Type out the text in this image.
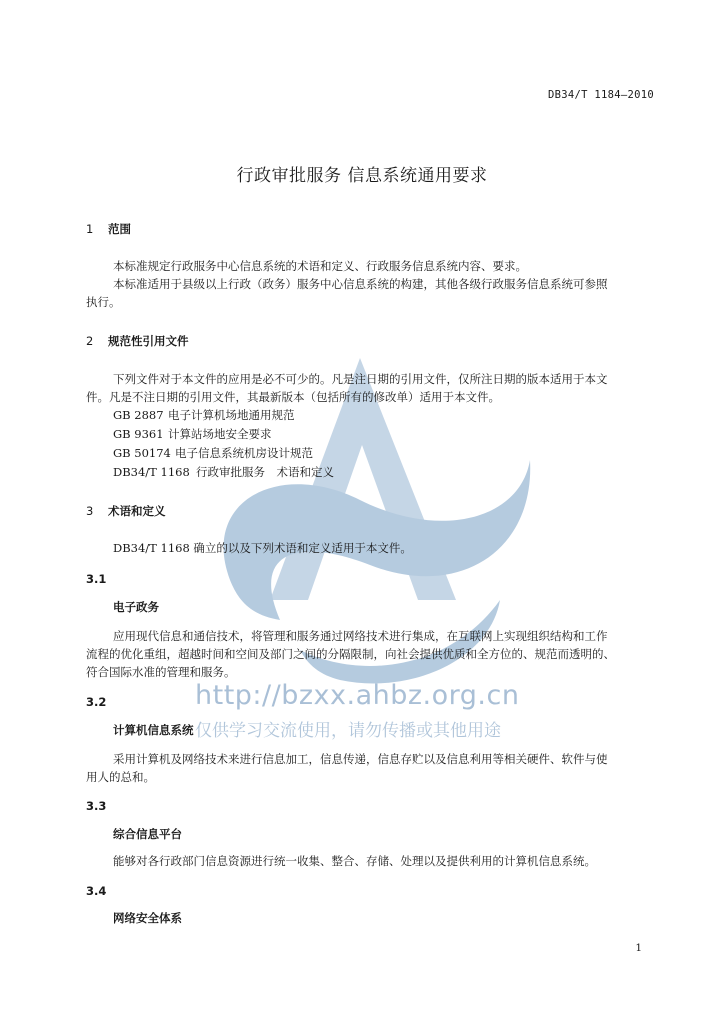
DB34/T 1184—2010
行政审批服务 信息系统通用要求
1 范围
本标准规定行政服务中心信息系统的术语和定义、行政服务信息系统内容、要求。
本标准适用于县级以上行政（政务）服务中心信息系统的构建，其他各级行政服务信息系统可参照
执行。
2 规范性引用文件
下列文件对于本文件的应用是必不可少的。凡是注日期的引用文件，仅所注日期的版本适用于本文
件。凡是不注日期的引用文件，其最新版本（包括所有的修改单）适用于本文件。
GB 2887 电子计算机场地通用规范
GB 9361 计算站场地安全要求
GB 50174 电子信息系统机房设计规范
DB34/T 1168 行政审批服务　术语和定义
3 术语和定义
DB34/T 1168 确立的以及下列术语和定义适用于本文件。
3.1
电子政务
应用现代信息和通信技术，将管理和服务通过网络技术进行集成，在互联网上实现组织结构和工作
流程的优化重组，超越时间和空间及部门之间的分隔限制，向社会提供优质和全方位的、规范而透明的、
符合国际水准的管理和服务。
http://bzxx.ahbz.org.cn
3.2
计算机信息系统 仅供学习交流使用，请勿传播或其他用途
采用计算机及网络技术来进行信息加工，信息传递，信息存贮以及信息利用等相关硬件、软件与使
用人的总和。
3.3
综合信息平台
能够对各行政部门信息资源进行统一收集、整合、存储、处理以及提供利用的计算机信息系统。
3.4
网络安全体系
1
